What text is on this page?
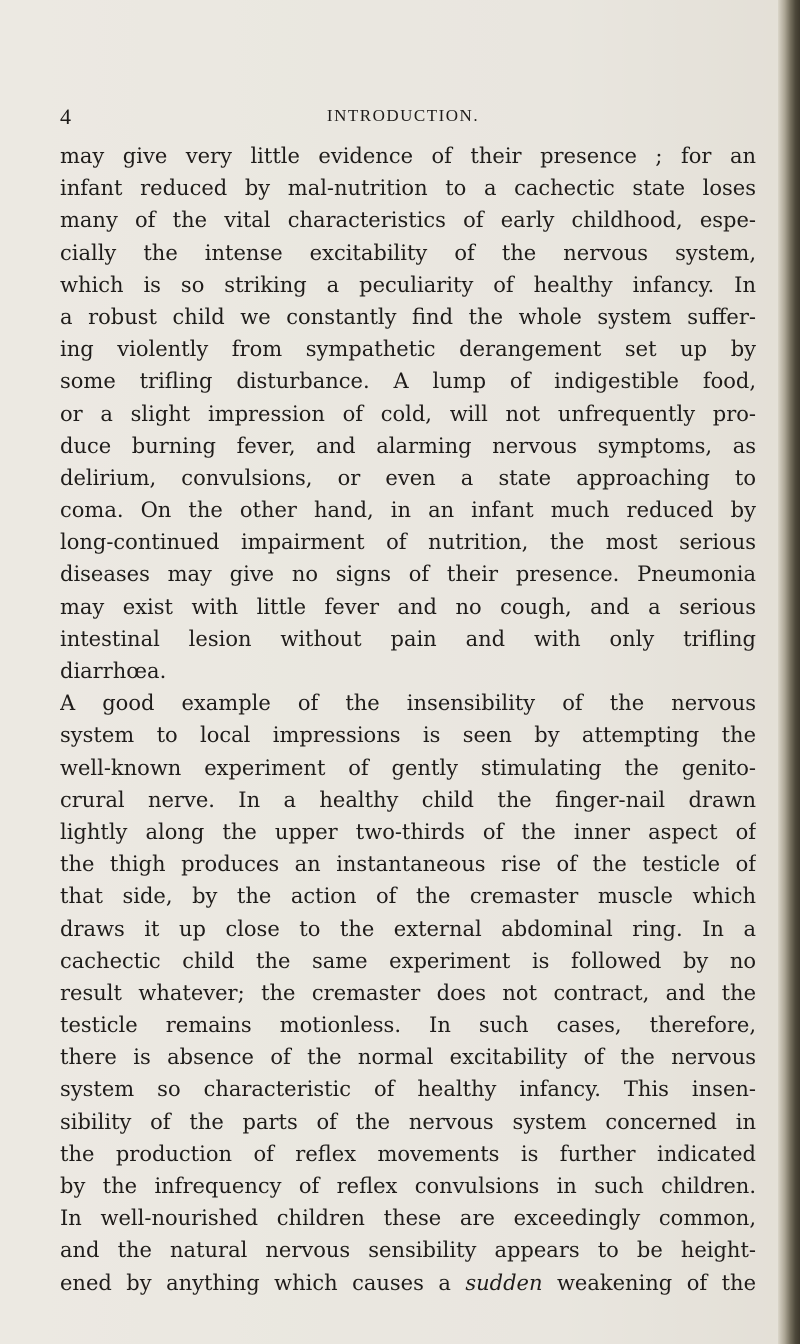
4	INTRODUCTION.
may give very little evidence of their presence ; for an
infant reduced by mal-nutrition to a cachectic state loses
many of the vital characteristics of early childhood, espe-
cially the intense excitability of the nervous system,
which is so striking a peculiarity of healthy infancy. In
a robust child we constantly find the whole system suffer-
ing violently from sympathetic derangement set up by
some trifling disturbance. A lump of indigestible food,
or a slight impression of cold, will not unfrequently pro-
duce burning fever, and alarming nervous symptoms, as
delirium, convulsions, or even a state approaching to
coma. On the other hand, in an infant much reduced by
long-continued impairment of nutrition, the most serious
diseases may give no signs of their presence. Pneumonia
may exist with little fever and no cough, and a serious
intestinal lesion without pain and with only trifling
diarrhœa.
A good example of the insensibility of the nervous
system to local impressions is seen by attempting the
well-known experiment of gently stimulating the genito-
crural nerve. In a healthy child the finger-nail drawn
lightly along the upper two-thirds of the inner aspect of
the thigh produces an instantaneous rise of the testicle of
that side, by the action of the cremaster muscle which
draws it up close to the external abdominal ring. In a
cachectic child the same experiment is followed by no
result whatever; the cremaster does not contract, and the
testicle remains motionless. In such cases, therefore,
there is absence of the normal excitability of the nervous
system so characteristic of healthy infancy. This insen-
sibility of the parts of the nervous system concerned in
the production of reflex movements is further indicated
by the infrequency of reflex convulsions in such children.
In well-nourished children these are exceedingly common,
and the natural nervous sensibility appears to be height-
ened by anything which causes a sudden weakening of the
